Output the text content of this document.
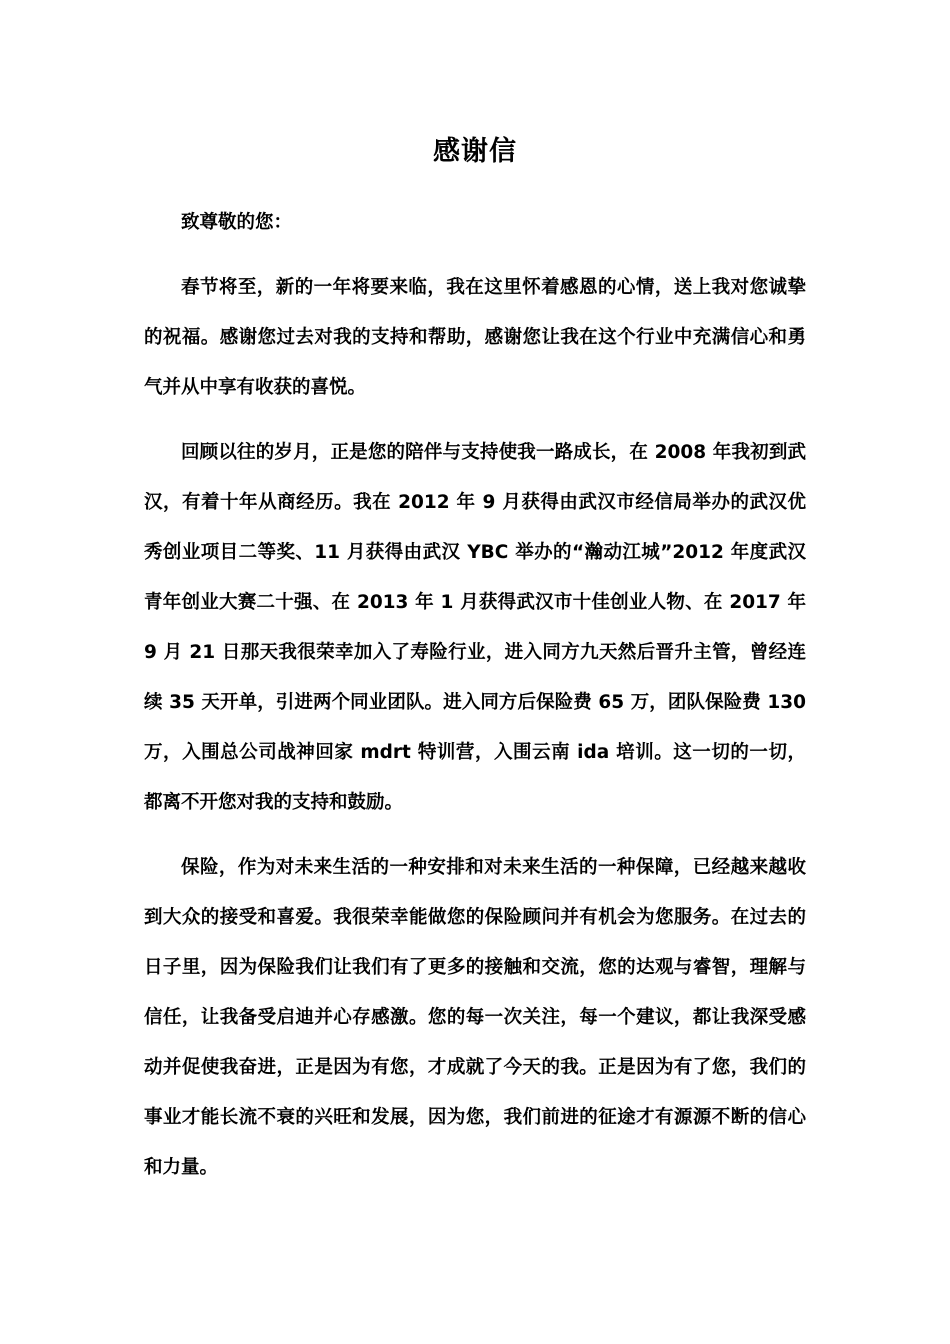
感谢信

致尊敬的您：

春节将至，新的一年将要来临，我在这里怀着感恩的心情，送上我对您诚挚的祝福。感谢您过去对我的支持和帮助，感谢您让我在这个行业中充满信心和勇气并从中享有收获的喜悦。

回顾以往的岁月，正是您的陪伴与支持使我一路成长，在 2008 年我初到武汉，有着十年从商经历。我在 2012 年 9 月获得由武汉市经信局举办的武汉优秀创业项目二等奖、11 月获得由武汉 YBC 举办的“瀚动江城”2012 年度武汉青年创业大赛二十强、在 2013 年 1 月获得武汉市十佳创业人物、在 2017 年 9 月 21 日那天我很荣幸加入了寿险行业，进入同方九天然后晋升主管，曾经连续 35 天开单，引进两个同业团队。进入同方后保险费 65 万，团队保险费 130 万，入围总公司战神回家 mdrt 特训营，入围云南 ida 培训。这一切的一切，都离不开您对我的支持和鼓励。

保险，作为对未来生活的一种安排和对未来生活的一种保障，已经越来越收到大众的接受和喜爱。我很荣幸能做您的保险顾问并有机会为您服务。在过去的日子里，因为保险我们让我们有了更多的接触和交流，您的达观与睿智，理解与信任，让我备受启迪并心存感激。您的每一次关注，每一个建议，都让我深受感动并促使我奋进，正是因为有您，才成就了今天的我。正是因为有了您，我们的事业才能长流不衰的兴旺和发展，因为您，我们前进的征途才有源源不断的信心和力量。
